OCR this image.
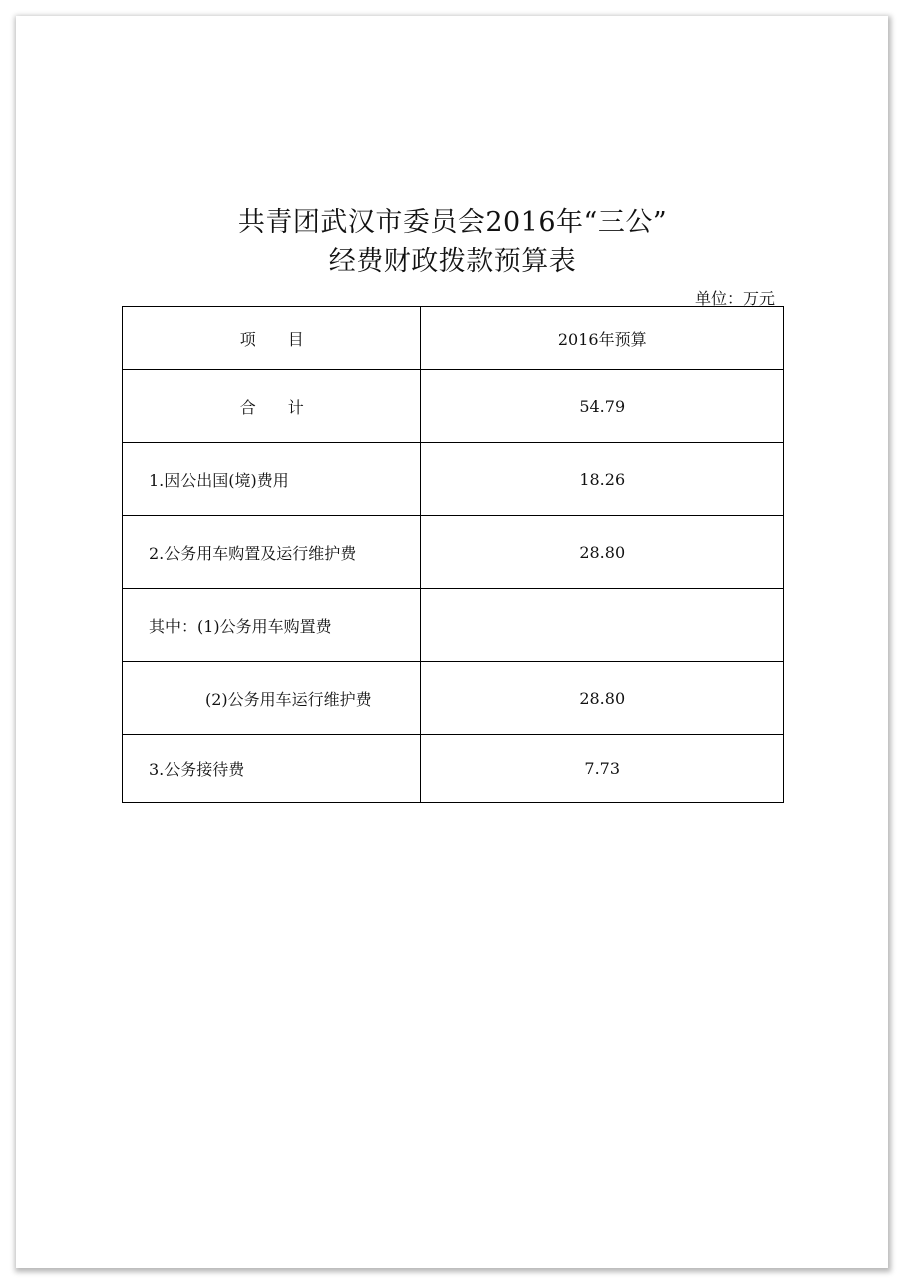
共青团武汉市委员会2016年“三公”
经费财政拨款预算表
单位：万元
项　　目	2016年预算
合　　计	54.79
1.因公出国(境)费用	18.26
2.公务用车购置及运行维护费	28.80
其中：(1)公务用车购置费	
(2)公务用车运行维护费	28.80
3.公务接待费	7.73
